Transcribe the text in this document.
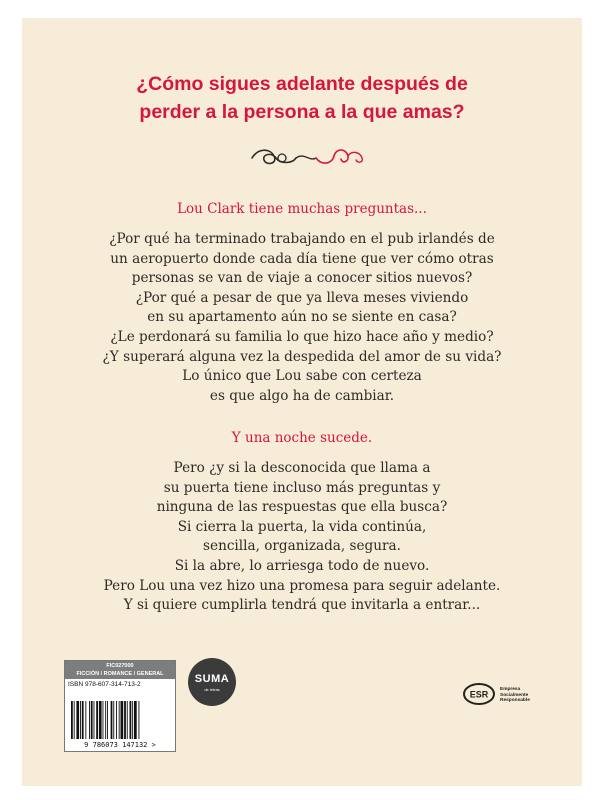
¿Cómo sigues adelante después de
perder a la persona a la que amas?
Lou Clark tiene muchas preguntas...
¿Por qué ha terminado trabajando en el pub irlandés de
un aeropuerto donde cada día tiene que ver cómo otras
personas se van de viaje a conocer sitios nuevos?
¿Por qué a pesar de que ya lleva meses viviendo
en su apartamento aún no se siente en casa?
¿Le perdonará su familia lo que hizo hace año y medio?
¿Y superará alguna vez la despedida del amor de su vida?
Lo único que Lou sabe con certeza
es que algo ha de cambiar.
Y una noche sucede.
Pero ¿y si la desconocida que llama a
su puerta tiene incluso más preguntas y
ninguna de las respuestas que ella busca?
Si cierra la puerta, la vida continúa,
sencilla, organizada, segura.
Si la abre, lo arriesga todo de nuevo.
Pero Lou una vez hizo una promesa para seguir adelante.
Y si quiere cumplirla tendrá que invitarla a entrar...
FIC027000
FICCIÓN / ROMANCE / GENERAL
ISBN 978-607-314-713-2
9 786073 147132 >
SUMA
de letras	ESR Empresa
Socialmente
Responsable
